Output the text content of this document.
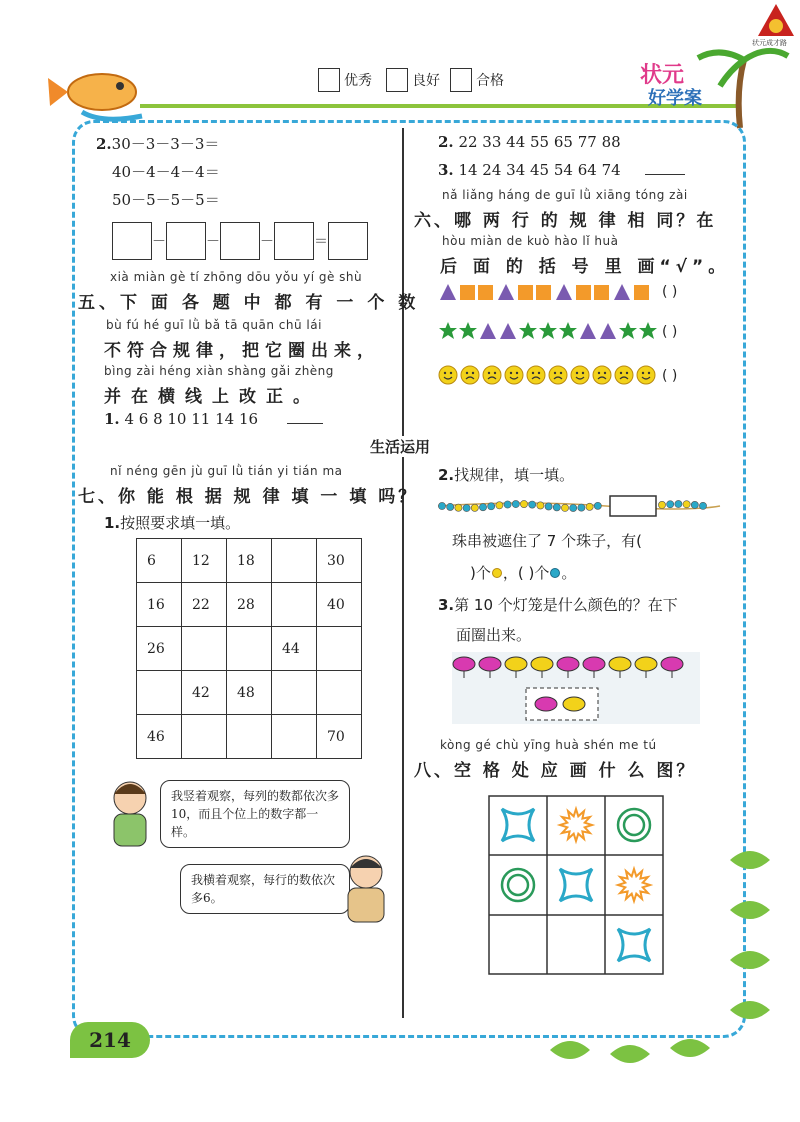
状元成才路
优秀	良好	合格	状元
好学案
2.30－3－3－3＝
40－4－4－4＝
50－5－5－5＝
－	－	－	＝
xià miàn gè tí zhōng dōu yǒu yí gè shù
五、下 面 各 题 中 都 有 一 个 数
bù fú hé guī lǜ bǎ tā quān chū lái
不符合规律，把它圈出来，
bìng zài héng xiàn shàng gǎi zhèng
并在横线上改正。
1. 4 6 8 10 11 14 16
2. 22 33 44 55 65 77 88
3. 14 24 34 45 54 64 74
nǎ liǎng háng de guī lǜ xiāng tóng zài
六、哪 两 行 的 规 律 相 同？在
hòu miàn de kuò hào lǐ huà
后 面 的 括 号 里 画“√”。
( )
( )
( )
生活运用
nǐ néng gēn jù guī lǜ tián yi tián ma
七、你 能 根 据 规 律 填 一 填 吗？
1.按照要求填一填。
6	12	18		30
16	22	28		40
26			44	
	42	48		
46				70
我竖着观察，每列的数都依次多10，而且个位上的数字都一样。
我横着观察，每行的数依次多6。
2.找规律，填一填。
珠串被遮住了 7 个珠子，有(
)个 ，( )个 。
3.第 10 个灯笼是什么颜色的？在下
面圈出来。
kòng gé chù yīng huà shén me tú
八、空 格 处 应 画 什 么 图？
214
